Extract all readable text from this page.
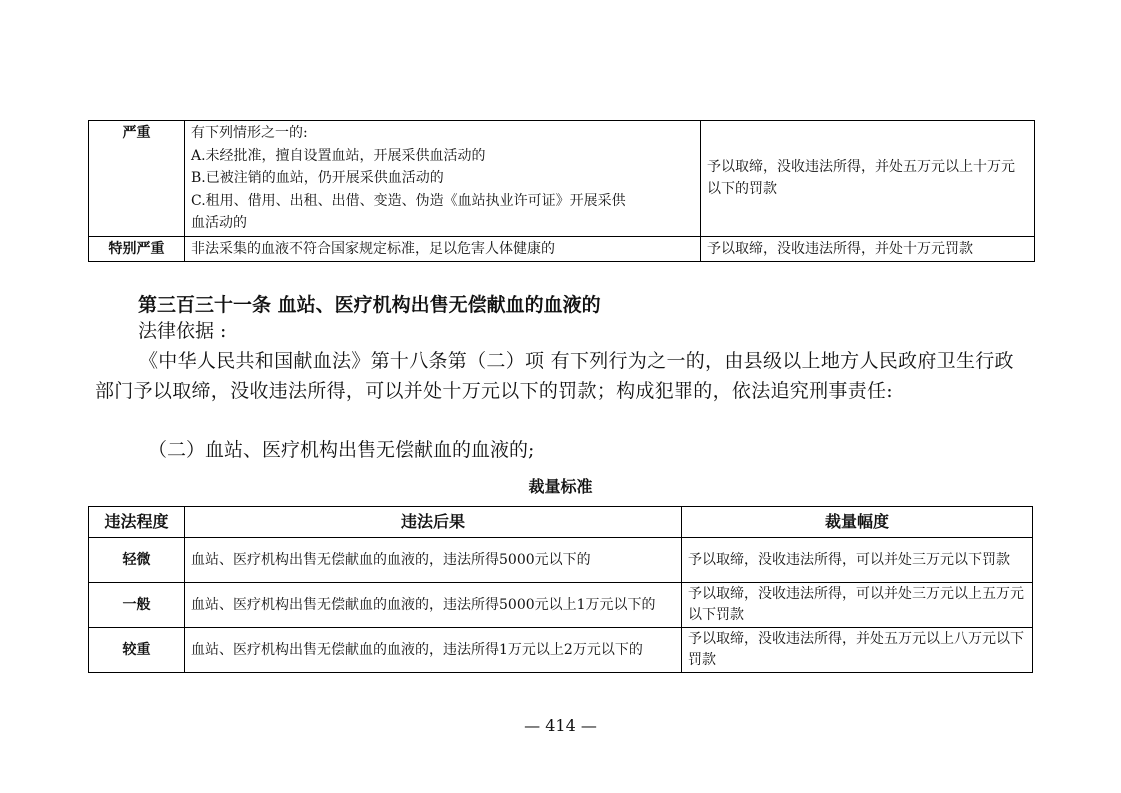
严重	有下列情形之一的:
A.未经批准，擅自设置血站，开展采供血活动的
B.已被注销的血站，仍开展采供血活动的
C.租用、借用、出租、出借、变造、伪造《血站执业许可证》开展采供
血活动的	予以取缔，没收违法所得，并处五万元以上十万元以下的罚款
特别严重	非法采集的血液不符合国家规定标准，足以危害人体健康的	予以取缔，没收违法所得，并处十万元罚款
第三百三十一条 血站、医疗机构出售无偿献血的血液的
法律依据 :
《中华人民共和国献血法》第十八条第（二）项 有下列行为之一的，由县级以上地方人民政府卫生行政部门予以取缔，没收违法所得，可以并处十万元以下的罚款；构成犯罪的，依法追究刑事责任:
（二）血站、医疗机构出售无偿献血的血液的;
裁量标准
违法程度	违法后果	裁量幅度
轻微	血站、医疗机构出售无偿献血的血液的，违法所得5000元以下的	予以取缔，没收违法所得，可以并处三万元以下罚款
一般	血站、医疗机构出售无偿献血的血液的，违法所得5000元以上1万元以下的	予以取缔，没收违法所得，可以并处三万元以上五万元以下罚款
较重	血站、医疗机构出售无偿献血的血液的，违法所得1万元以上2万元以下的	予以取缔，没收违法所得，并处五万元以上八万元以下罚款
— 414 —
